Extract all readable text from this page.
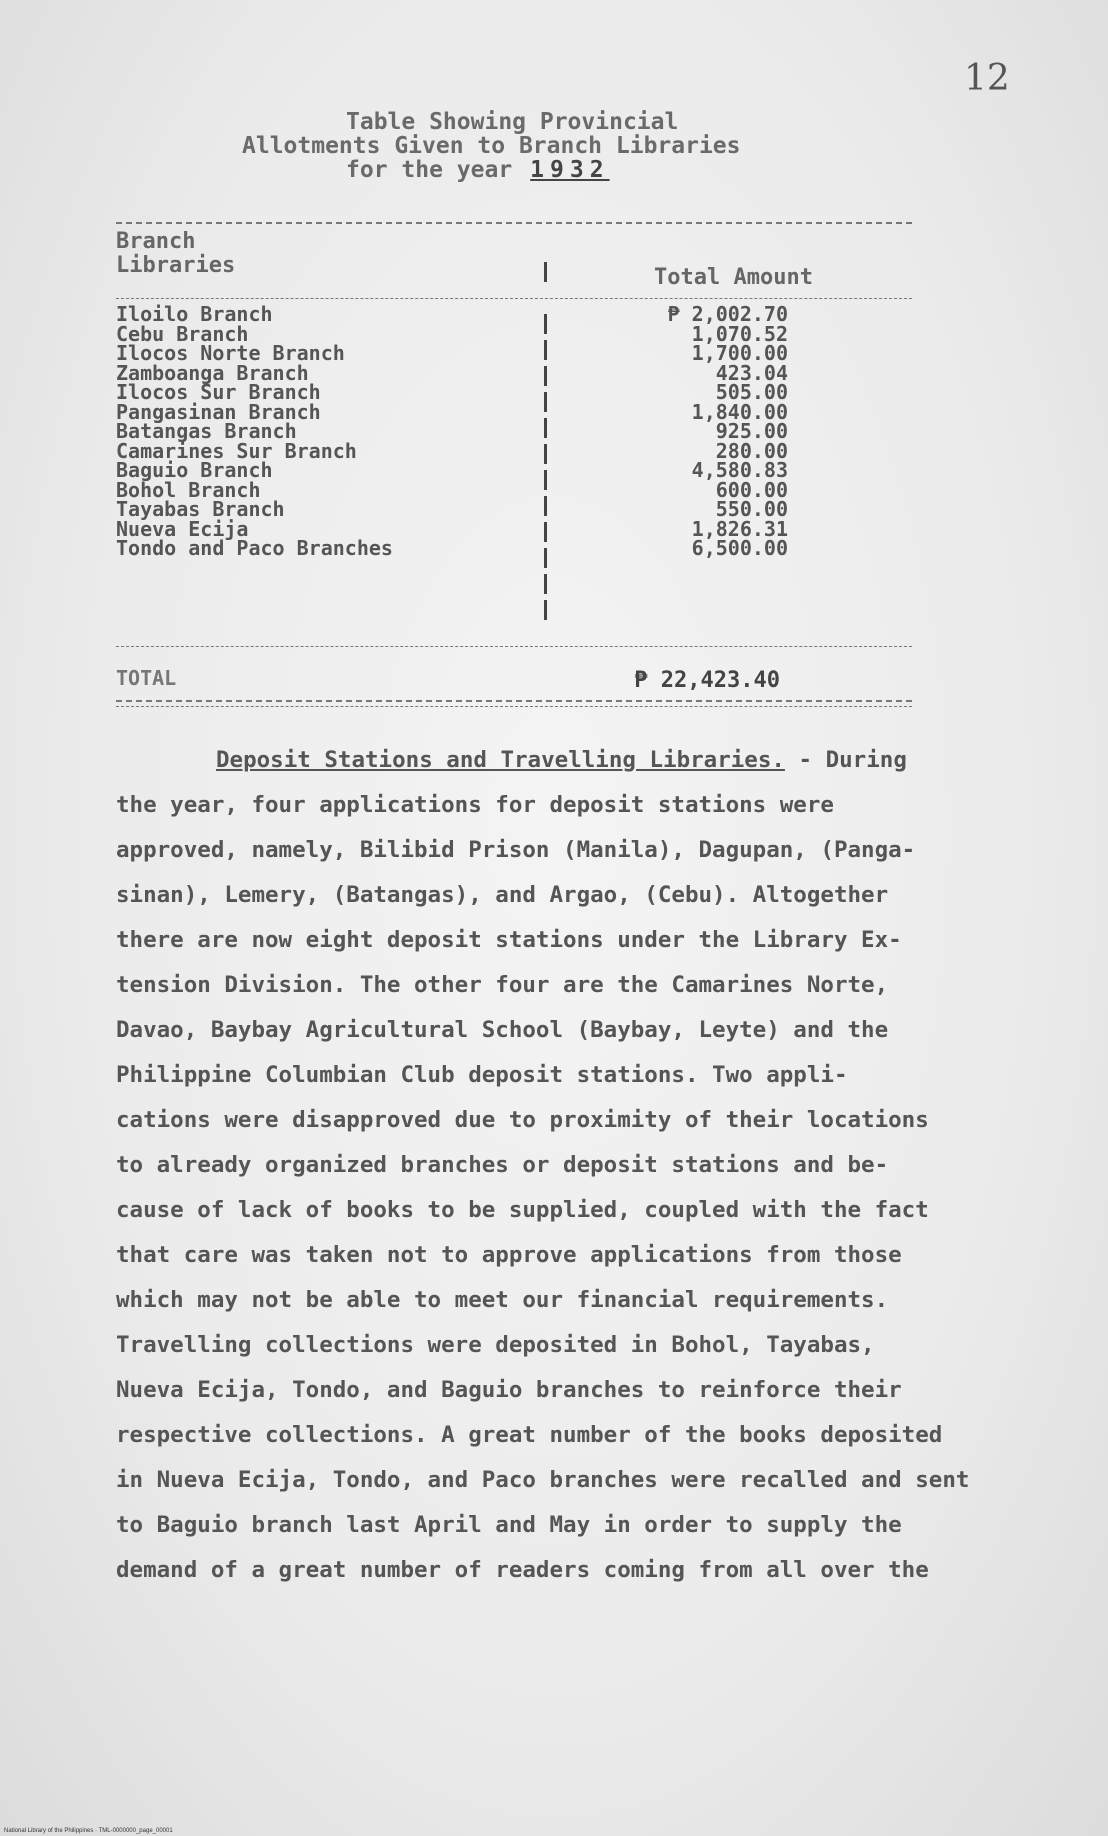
12
Table Showing Provincial
Allotments Given to Branch Libraries
for the year 1932
Branch
Libraries	Total Amount
Iloilo Branch	₱ 2,002.70
Cebu Branch	1,070.52
Ilocos Norte Branch	1,700.00
Zamboanga Branch	423.04
Ilocos Sur Branch	505.00
Pangasinan Branch	1,840.00
Batangas Branch	925.00
Camarines Sur Branch	280.00
Baguio Branch	4,580.83
Bohol Branch	600.00
Tayabas Branch	550.00
Nueva Ecija	1,826.31
Tondo and Paco Branches	6,500.00
TOTAL	₱ 22,423.40
Deposit Stations and Travelling Libraries. - During
the year, four applications for deposit stations were
approved, namely, Bilibid Prison (Manila), Dagupan, (Panga-
sinan), Lemery, (Batangas), and Argao, (Cebu). Altogether
there are now eight deposit stations under the Library Ex-
tension Division. The other four are the Camarines Norte,
Davao, Baybay Agricultural School (Baybay, Leyte) and the
Philippine Columbian Club deposit stations. Two appli-
cations were disapproved due to proximity of their locations
to already organized branches or deposit stations and be-
cause of lack of books to be supplied, coupled with the fact
that care was taken not to approve applications from those
which may not be able to meet our financial requirements.
Travelling collections were deposited in Bohol, Tayabas,
Nueva Ecija, Tondo, and Baguio branches to reinforce their
respective collections. A great number of the books deposited
in Nueva Ecija, Tondo, and Paco branches were recalled and sent
to Baguio branch last April and May in order to supply the
demand of a great number of readers coming from all over the
National Library of the Philippines · TML-0000000_page_00001
